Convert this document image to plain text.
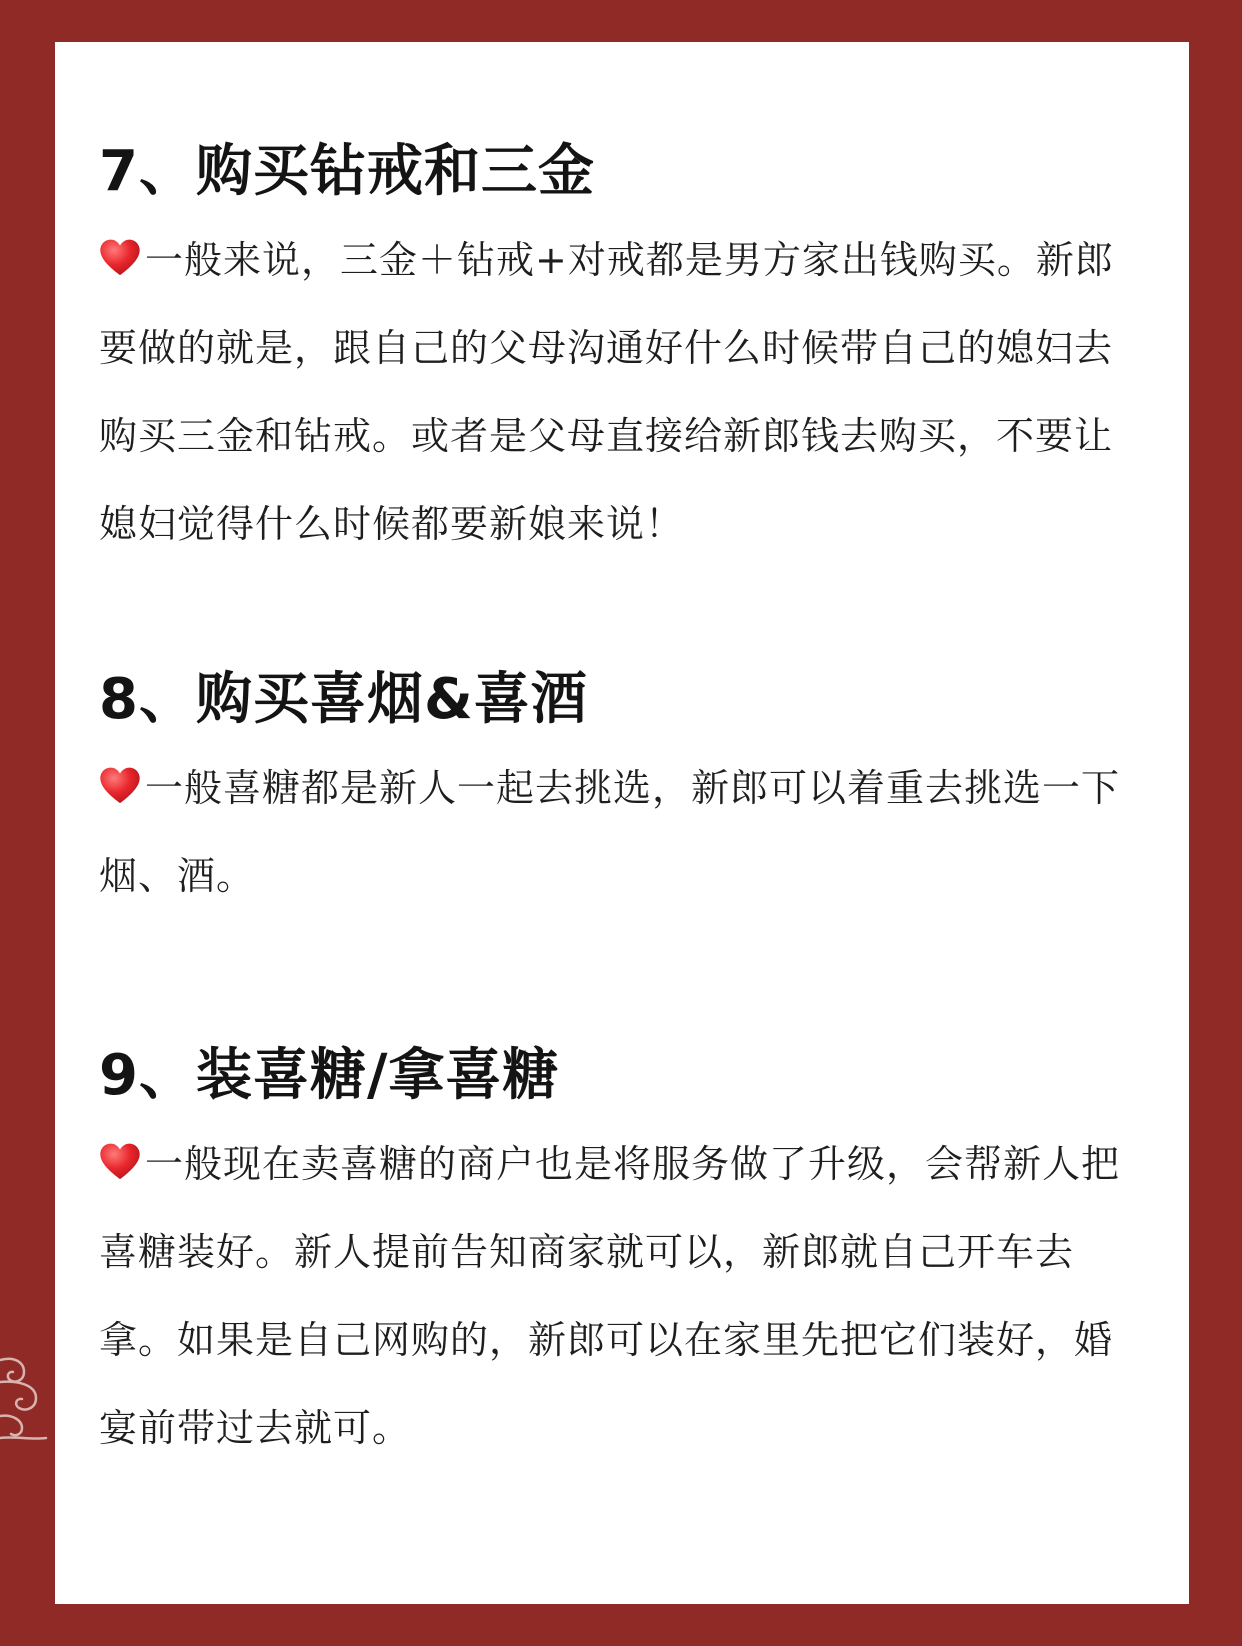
7、购买钻戒和三金

一般来说，三金＋钻戒+对戒都是男方家出钱购买。新郎要做的就是，跟自己的父母沟通好什么时候带自己的媳妇去购买三金和钻戒。或者是父母直接给新郎钱去购买，不要让媳妇觉得什么时候都要新娘来说！

8、购买喜烟&喜酒

一般喜糖都是新人一起去挑选，新郎可以着重去挑选一下烟、酒。

9、装喜糖/拿喜糖

一般现在卖喜糖的商户也是将服务做了升级，会帮新人把喜糖装好。新人提前告知商家就可以，新郎就自己开车去拿。如果是自己网购的，新郎可以在家里先把它们装好，婚宴前带过去就可。
